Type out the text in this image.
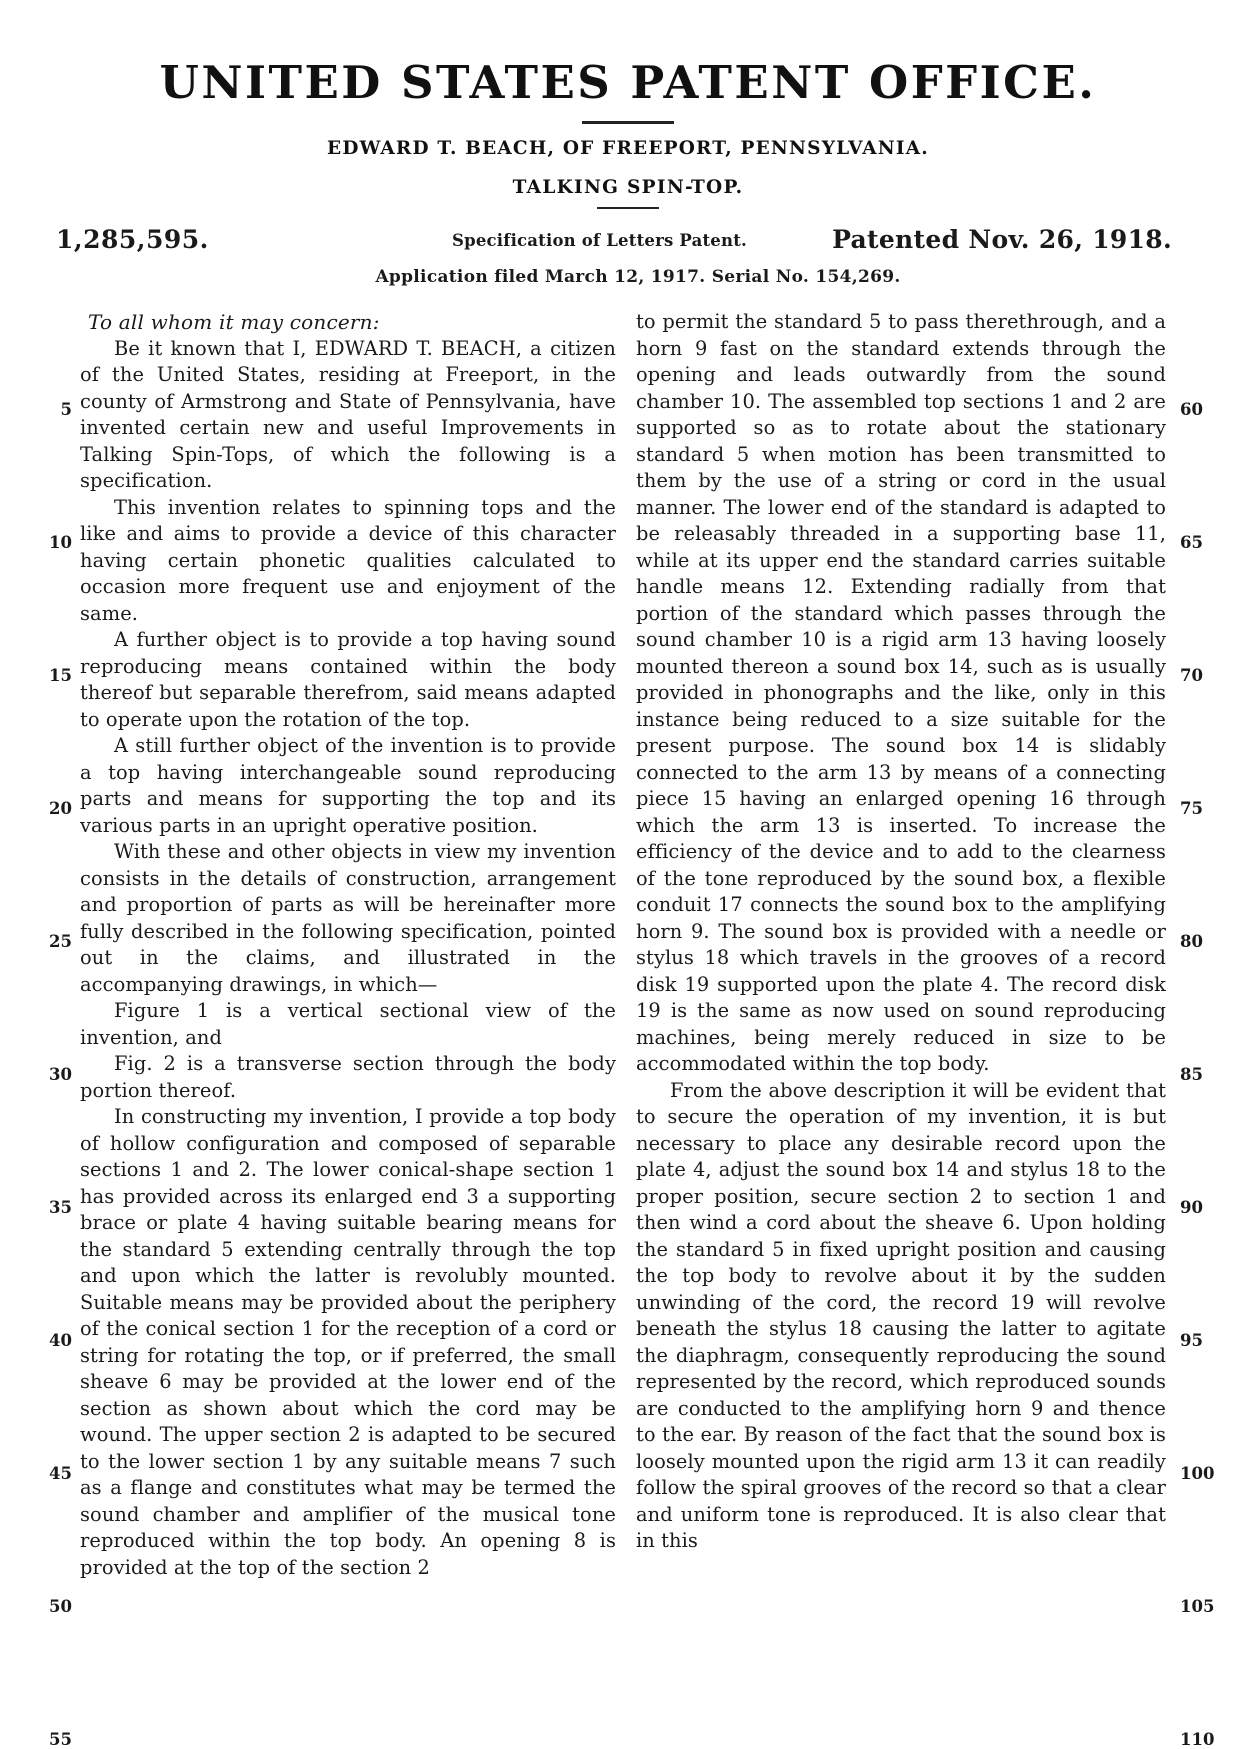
UNITED STATES PATENT OFFICE.
EDWARD T. BEACH, OF FREEPORT, PENNSYLVANIA.
TALKING SPIN-TOP.
1,285,595.	Specification of Letters Patent.	Patented Nov. 26, 1918.
Application filed March 12, 1917. Serial No. 154,269.
5
10
15
20
25
30
35
40
45
50
55

To all whom it may concern:

Be it known that I, EDWARD T. BEACH, a citizen of the United States, residing at Freeport, in the county of Armstrong and State of Pennsylvania, have invented certain new and useful Improvements in Talking Spin-Tops, of which the following is a specification.

This invention relates to spinning tops and the like and aims to provide a device of this character having certain phonetic qualities calculated to occasion more frequent use and enjoyment of the same.

A further object is to provide a top having sound reproducing means contained within the body thereof but separable therefrom, said means adapted to operate upon the rotation of the top.

A still further object of the invention is to provide a top having interchangeable sound reproducing parts and means for supporting the top and its various parts in an upright operative position.

With these and other objects in view my invention consists in the details of construction, arrangement and proportion of parts as will be hereinafter more fully described in the following specification, pointed out in the claims, and illustrated in the accompanying drawings, in which—

Figure 1 is a vertical sectional view of the invention, and

Fig. 2 is a transverse section through the body portion thereof.

In constructing my invention, I provide a top body of hollow configuration and composed of separable sections 1 and 2. The lower conical-shape section 1 has provided across its enlarged end 3 a supporting brace or plate 4 having suitable bearing means for the standard 5 extending centrally through the top and upon which the latter is revolubly mounted. Suitable means may be provided about the periphery of the conical section 1 for the reception of a cord or string for rotating the top, or if preferred, the small sheave 6 may be provided at the lower end of the section as shown about which the cord may be wound. The upper section 2 is adapted to be secured to the lower section 1 by any suitable means 7 such as a flange and constitutes what may be termed the sound chamber and amplifier of the musical tone reproduced within the top body. An opening 8 is provided at the top of the section 2

60
65
70
75
80
85
90
95
100
105
110

to permit the standard 5 to pass therethrough, and a horn 9 fast on the standard extends through the opening and leads outwardly from the sound chamber 10. The assembled top sections 1 and 2 are supported so as to rotate about the stationary standard 5 when motion has been transmitted to them by the use of a string or cord in the usual manner. The lower end of the standard is adapted to be releasably threaded in a supporting base 11, while at its upper end the standard carries suitable handle means 12. Extending radially from that portion of the standard which passes through the sound chamber 10 is a rigid arm 13 having loosely mounted thereon a sound box 14, such as is usually provided in phonographs and the like, only in this instance being reduced to a size suitable for the present purpose. The sound box 14 is slidably connected to the arm 13 by means of a connecting piece 15 having an enlarged opening 16 through which the arm 13 is inserted. To increase the efficiency of the device and to add to the clearness of the tone reproduced by the sound box, a flexible conduit 17 connects the sound box to the amplifying horn 9. The sound box is provided with a needle or stylus 18 which travels in the grooves of a record disk 19 supported upon the plate 4. The record disk 19 is the same as now used on sound reproducing machines, being merely reduced in size to be accommodated within the top body.

From the above description it will be evident that to secure the operation of my invention, it is but necessary to place any desirable record upon the plate 4, adjust the sound box 14 and stylus 18 to the proper position, secure section 2 to section 1 and then wind a cord about the sheave 6. Upon holding the standard 5 in fixed upright position and causing the top body to revolve about it by the sudden unwinding of the cord, the record 19 will revolve beneath the stylus 18 causing the latter to agitate the diaphragm, consequently reproducing the sound represented by the record, which reproduced sounds are conducted to the amplifying horn 9 and thence to the ear. By reason of the fact that the sound box is loosely mounted upon the rigid arm 13 it can readily follow the spiral grooves of the record so that a clear and uniform tone is reproduced. It is also clear that in this
